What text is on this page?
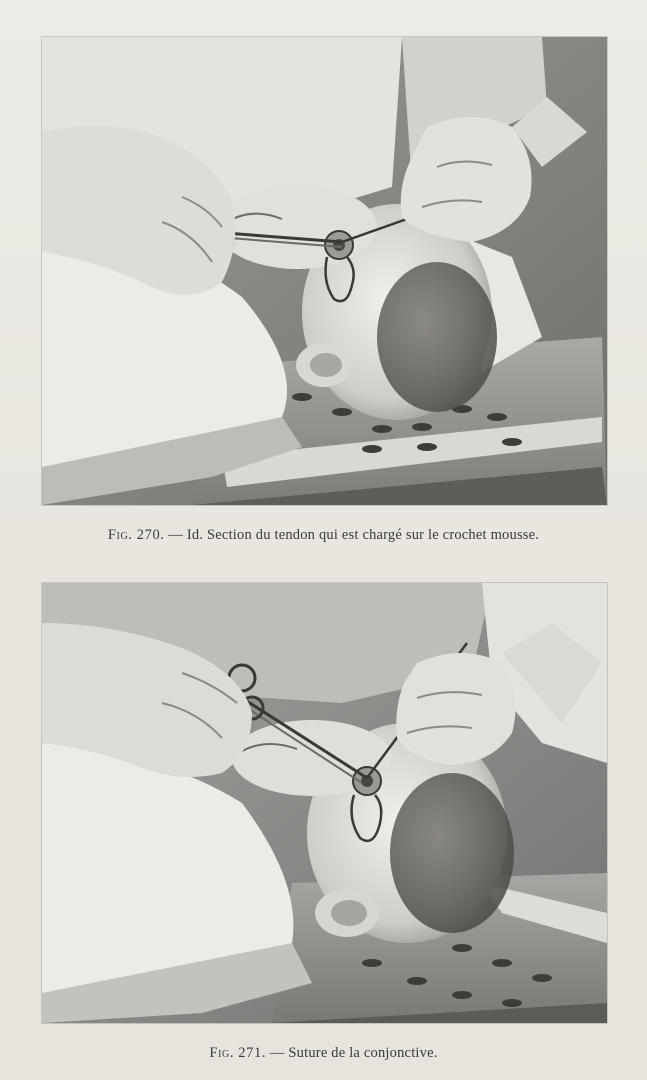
Fig. 270. — Id. Section du tendon qui est chargé sur le crochet mousse.
Fig. 271. — Suture de la conjonctive.
